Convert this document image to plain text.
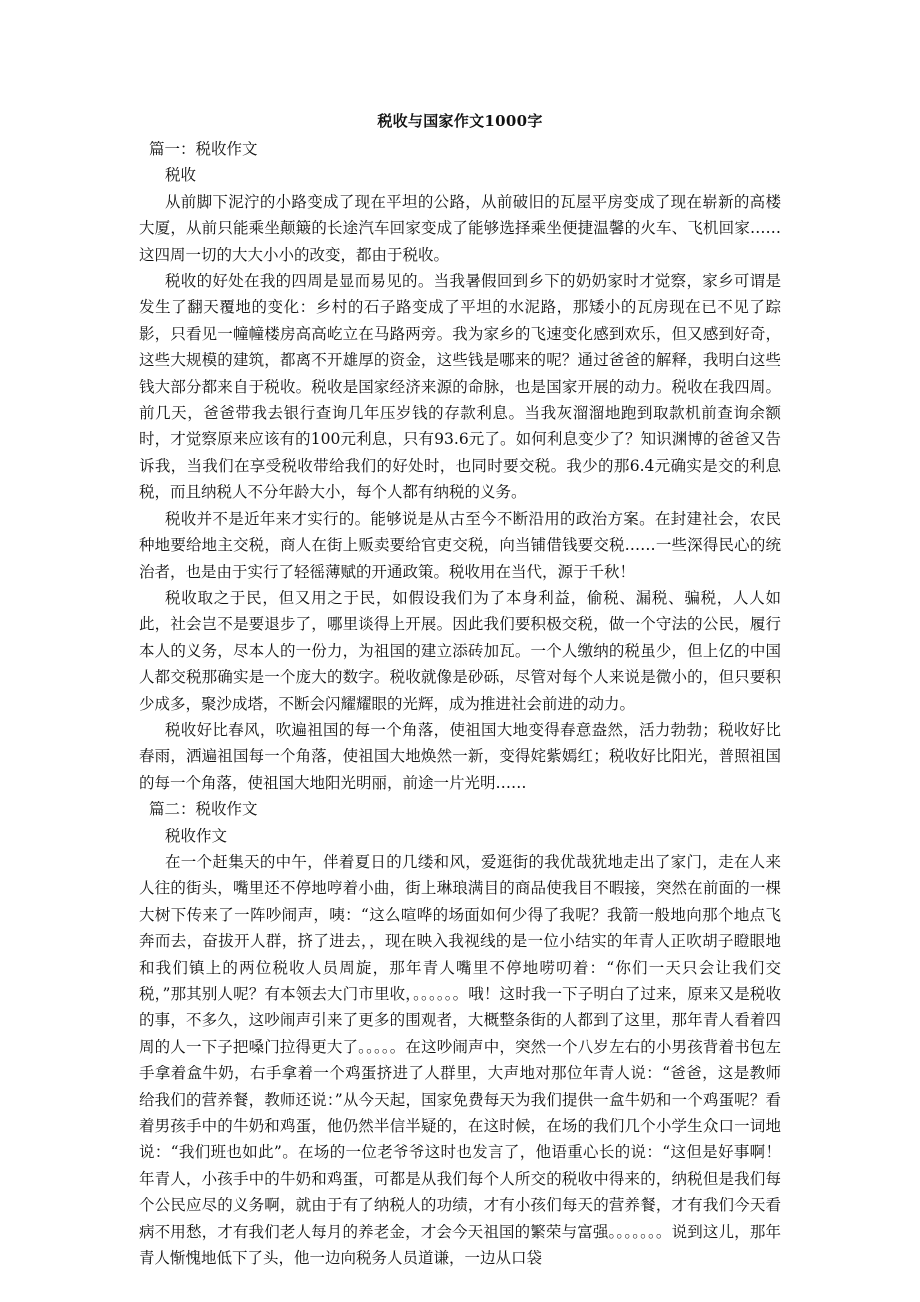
税收与国家作文1000字

篇一：税收作文

税收

从前脚下泥泞的小路变成了现在平坦的公路，从前破旧的瓦屋平房变成了现在崭新的高楼大厦，从前只能乘坐颠簸的长途汽车回家变成了能够选择乘坐便捷温馨的火车、飞机回家……这四周一切的大大小小的改变，都由于税收。

税收的好处在我的四周是显而易见的。当我暑假回到乡下的奶奶家时才觉察，家乡可谓是发生了翻天覆地的变化：乡村的石子路变成了平坦的水泥路，那矮小的瓦房现在已不见了踪影，只看见一幢幢楼房高高屹立在马路两旁。我为家乡的飞速变化感到欢乐，但又感到好奇，这些大规模的建筑，都离不开雄厚的资金，这些钱是哪来的呢？通过爸爸的解释，我明白这些钱大部分都来自于税收。税收是国家经济来源的命脉，也是国家开展的动力。税收在我四周。前几天，爸爸带我去银行查询几年压岁钱的存款利息。当我灰溜溜地跑到取款机前查询余额时，才觉察原来应该有的100元利息，只有93.6元了。如何利息变少了？知识渊博的爸爸又告诉我，当我们在享受税收带给我们的好处时，也同时要交税。我少的那6.4元确实是交的利息税，而且纳税人不分年龄大小，每个人都有纳税的义务。

税收并不是近年来才实行的。能够说是从古至今不断沿用的政治方案。在封建社会，农民种地要给地主交税，商人在街上贩卖要给官吏交税，向当铺借钱要交税……一些深得民心的统治者，也是由于实行了轻徭薄赋的开通政策。税收用在当代，源于千秋！

税收取之于民，但又用之于民，如假设我们为了本身利益，偷税、漏税、骗税，人人如此，社会岂不是要退步了，哪里谈得上开展。因此我们要积极交税，做一个守法的公民，履行本人的义务，尽本人的一份力，为祖国的建立添砖加瓦。一个人缴纳的税虽少，但上亿的中国人都交税那确实是一个庞大的数字。税收就像是砂砾，尽管对每个人来说是微小的，但只要积少成多，聚沙成塔，不断会闪耀耀眼的光辉，成为推进社会前进的动力。

税收好比春风，吹遍祖国的每一个角落，使祖国大地变得春意盎然，活力勃勃；税收好比春雨，洒遍祖国每一个角落，使祖国大地焕然一新，变得姹紫嫣红；税收好比阳光，普照祖国的每一个角落，使祖国大地阳光明丽，前途一片光明……

篇二：税收作文

税收作文

在一个赶集天的中午，伴着夏日的几缕和风，爱逛街的我优哉犹地走出了家门，走在人来人往的街头，嘴里还不停地哼着小曲，街上琳琅满目的商品使我目不暇接，突然在前面的一棵大树下传来了一阵吵闹声，咦：“这么喧哗的场面如何少得了我呢？我箭一般地向那个地点飞奔而去，奋拔开人群，挤了进去，，现在映入我视线的是一位小结实的年青人正吹胡子瞪眼地和我们镇上的两位税收人员周旋，那年青人嘴里不停地唠叨着：“你们一天只会让我们交税，”那其别人呢？有本领去大门市里收，。。。。。。哦！这时我一下子明白了过来，原来又是税收的事，不多久，这吵闹声引来了更多的围观者，大概整条街的人都到了这里，那年青人看着四周的人一下子把嗓门拉得更大了。。。。。在这吵闹声中，突然一个八岁左右的小男孩背着书包左手拿着盒牛奶，右手拿着一个鸡蛋挤进了人群里，大声地对那位年青人说：“爸爸，这是教师给我们的营养餐，教师还说：”从今天起，国家免费每天为我们提供一盒牛奶和一个鸡蛋呢？看着男孩手中的牛奶和鸡蛋，他仍然半信半疑的，在这时候，在场的我们几个小学生众口一词地说：“我们班也如此”。在场的一位老爷爷这时也发言了，他语重心长的说：“这但是好事啊！年青人，小孩手中的牛奶和鸡蛋，可都是从我们每个人所交的税收中得来的，纳税但是我们每个公民应尽的义务啊，就由于有了纳税人的功绩，才有小孩们每天的营养餐，才有我们今天看病不用愁，才有我们老人每月的养老金，才会今天祖国的繁荣与富强。。。。。。。说到这儿，那年青人惭愧地低下了头，他一边向税务人员道谦，一边从口袋
